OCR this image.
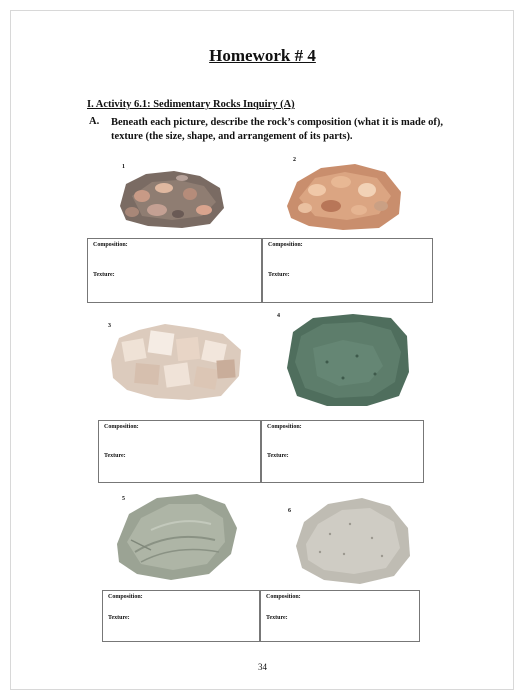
Homework # 4
I. Activity 6.1: Sedimentary Rocks Inquiry (A)
A. Beneath each picture, describe the rock’s composition (what it is made of), texture (the size, shape, and arrangement of its parts).
1
2
Composition:
Texture:
Composition:
Texture:
3
4
Composition:
Texture:
Composition:
Texture:
5
6
Composition:
Texture:
Composition:
Texture:
34
